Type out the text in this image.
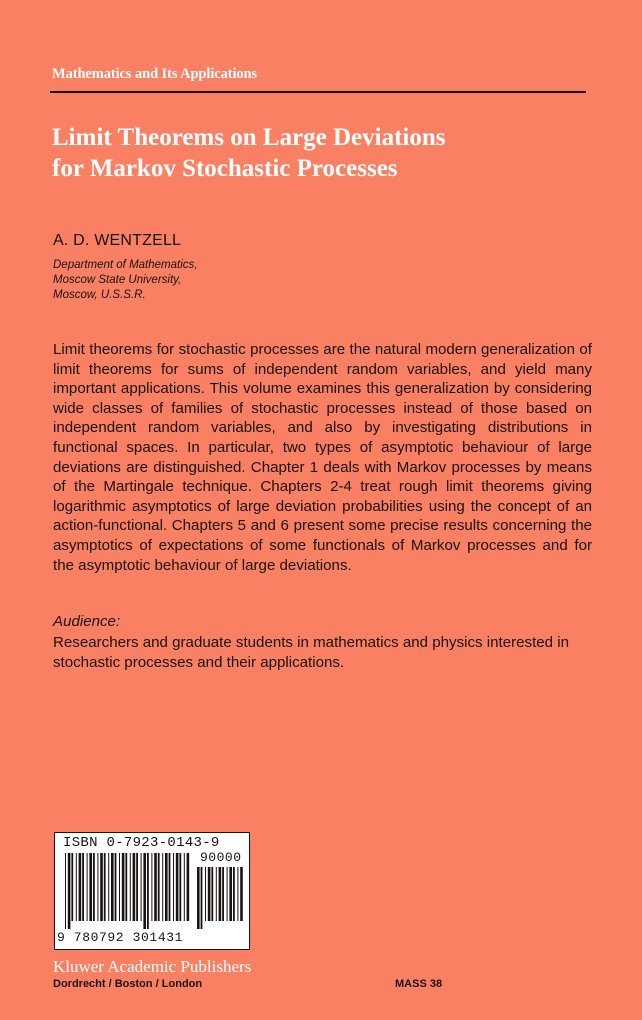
Mathematics and Its Applications
Limit Theorems on Large Deviations
for Markov Stochastic Processes
A. D. WENTZELL
Department of Mathematics,
Moscow State University,
Moscow, U.S.S.R.
Limit theorems for stochastic processes are the natural modern generalization of limit theorems for sums of independent random variables, and yield many important applications. This volume examines this generalization by considering wide classes of families of stochastic processes instead of those based on independent random variables, and also by investigating distributions in functional spaces. In particular, two types of asymptotic behaviour of large deviations are distinguished. Chapter 1 deals with Markov processes by means of the Martingale technique. Chapters 2-4 treat rough limit theorems giving logarithmic asymptotics of large deviation probabilities using the concept of an action-functional. Chapters 5 and 6 present some precise results concerning the asymptotics of expectations of some functionals of Markov processes and for the asymptotic behaviour of large deviations.
Audience:
Researchers and graduate students in mathematics and physics interested in stochastic processes and their applications.
ISBN 0-7923-0143-9
90000
9 780792 301431
Kluwer Academic Publishers
Dordrecht / Boston / London	MASS 38
